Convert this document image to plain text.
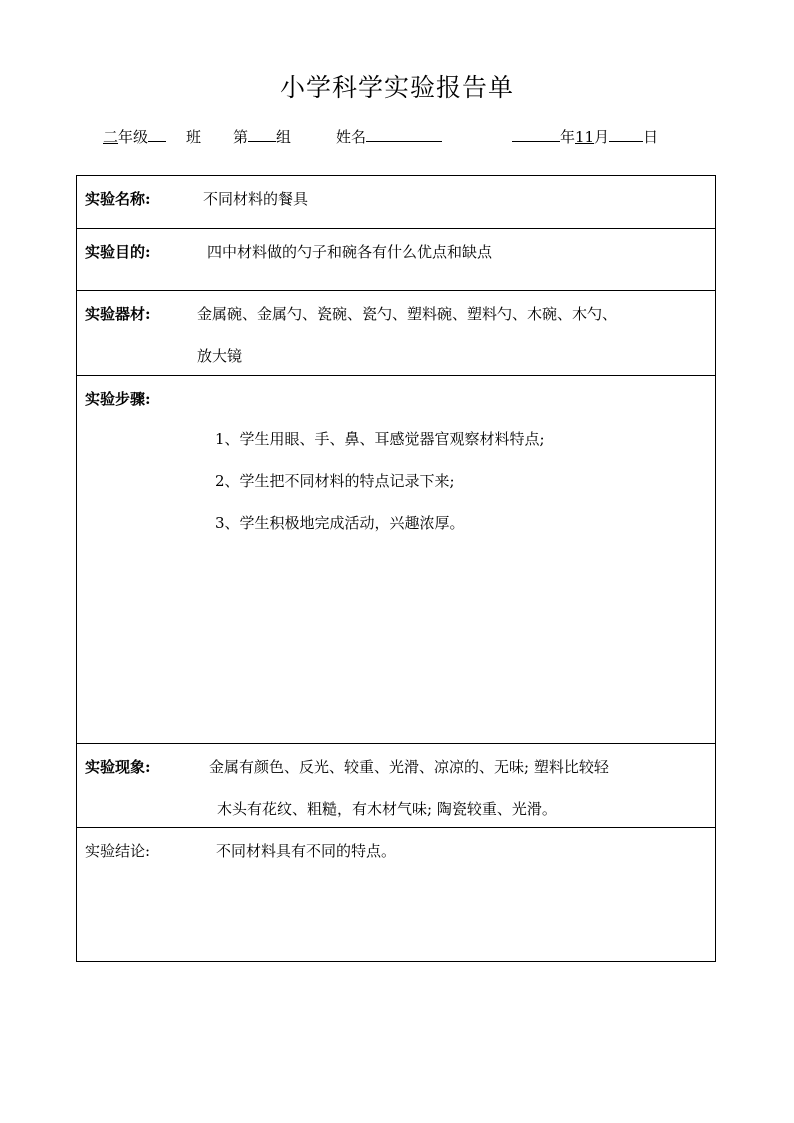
小学科学实验报告单
二年级	班 第 组	姓名	年11月 日
实验名称:	不同材料的餐具
实验目的:	四中材料做的勺子和碗各有什么优点和缺点
实验器材:	金属碗、金属勺、瓷碗、瓷勺、塑料碗、塑料勺、木碗、木勺、
放大镜
实验步骤:
1、学生用眼、手、鼻、耳感觉器官观察材料特点;
2、学生把不同材料的特点记录下来;
3、学生积极地完成活动，兴趣浓厚。
实验现象:	金属有颜色、反光、较重、光滑、凉凉的、无味; 塑料比较轻
木头有花纹、粗糙，有木材气味; 陶瓷较重、光滑。
实验结论:	不同材料具有不同的特点。
